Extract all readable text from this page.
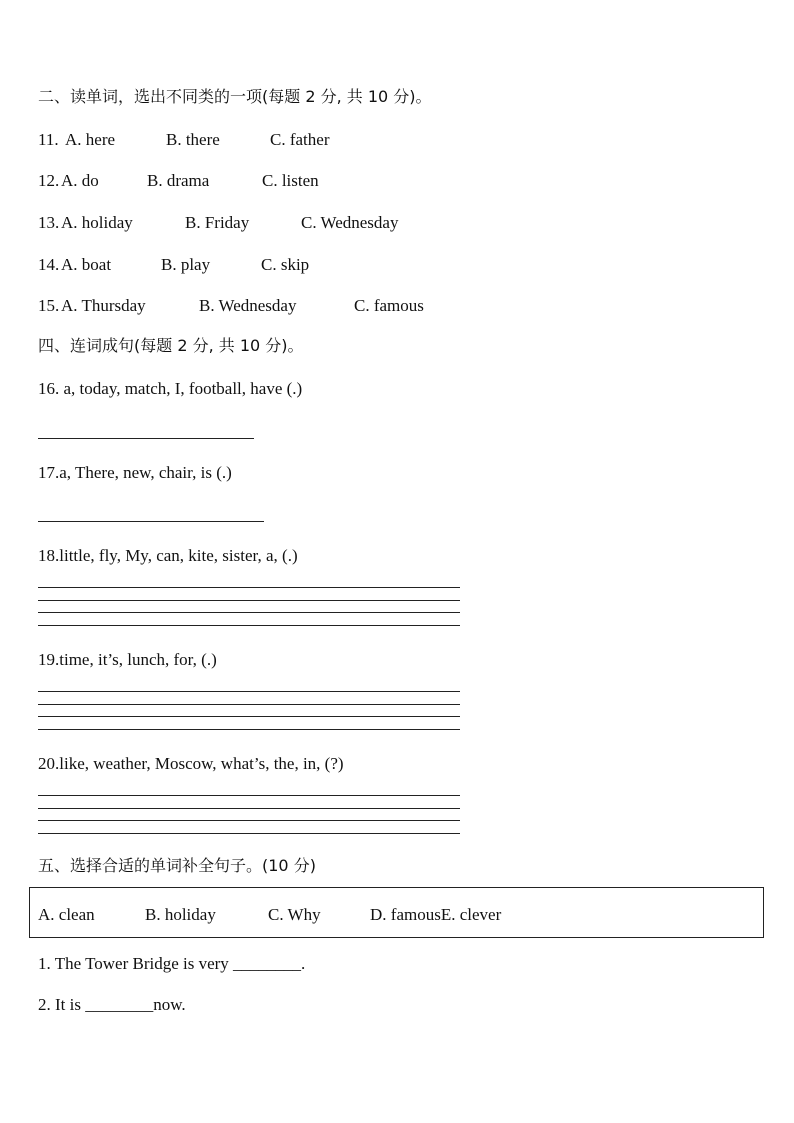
二、读单词，选出不同类的一项(每题 2 分, 共 10 分)。
11. A. here	B. there	C. father
12. A. do	B. drama	C. listen
13. A. holiday	B. Friday	C. Wednesday
14. A. boat	B. play	C. skip
15. A. Thursday	B. Wednesday	C. famous
四、连词成句(每题 2 分, 共 10 分)。
16. a, today, match, I, football, have (.)
17.a, There, new, chair, is (.)
18.little, fly, My, can, kite, sister, a, (.)
19.time, it’s, lunch, for, (.)
20.like, weather, Moscow, what’s, the, in, (?)
五、选择合适的单词补全句子。(10 分)
A. clean	B. holiday	C. Why	D. famousE. clever
1. The Tower Bridge is very ________.
2. It is ________now.
